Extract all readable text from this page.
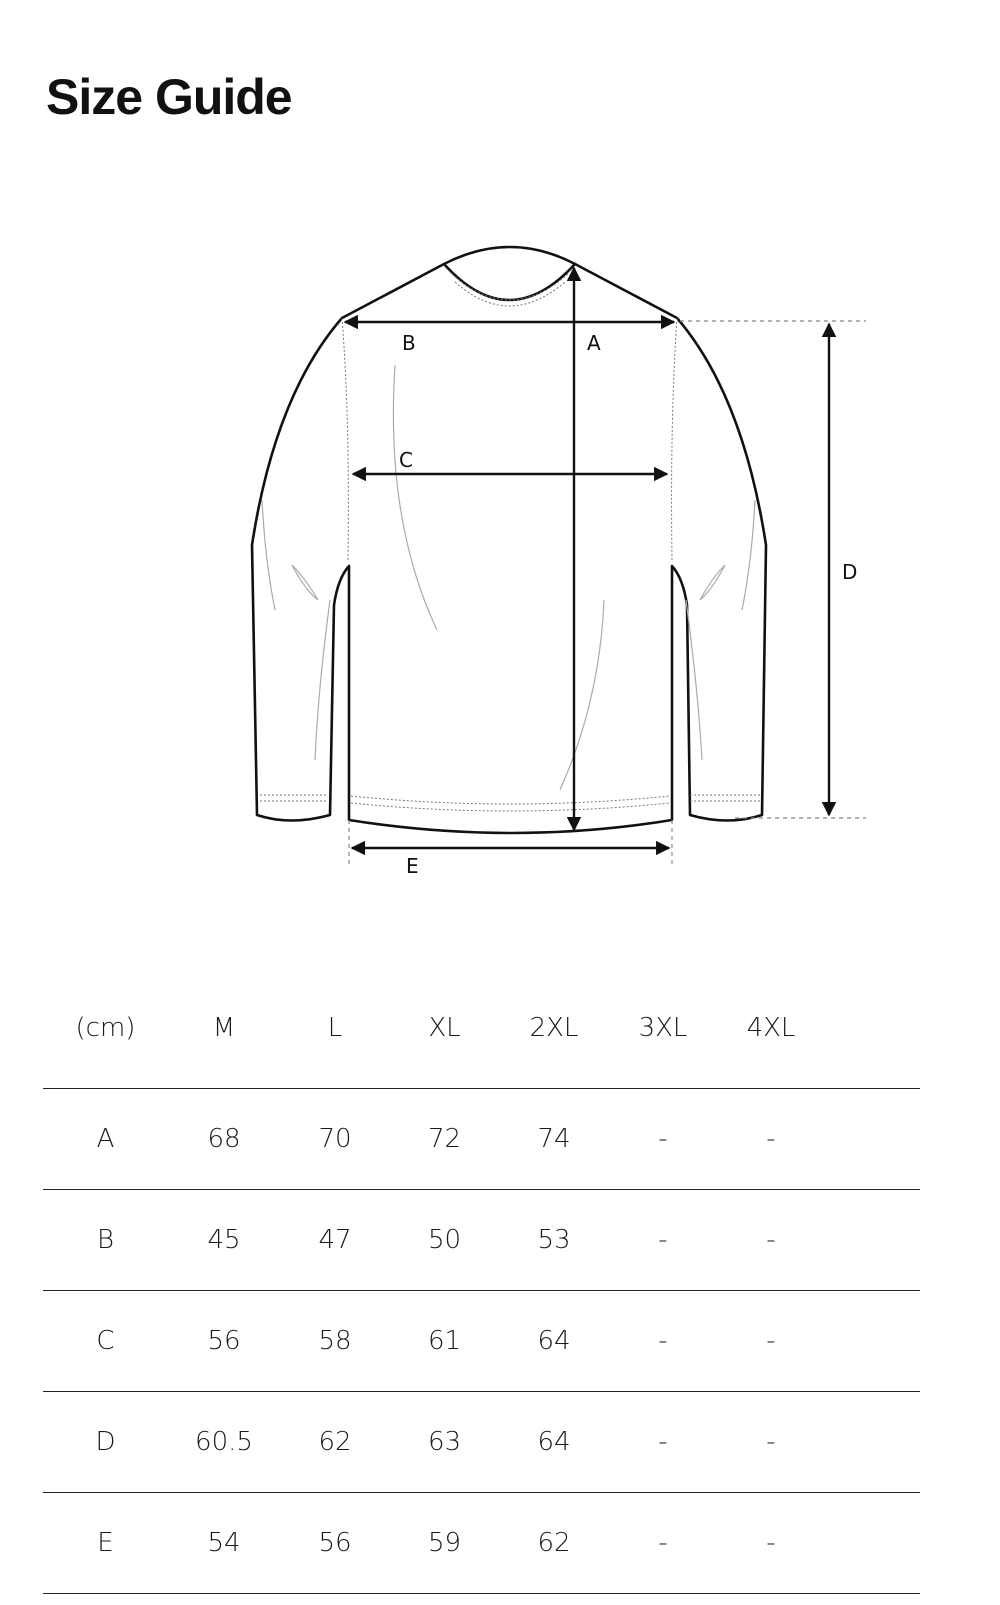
Size Guide
B	A
C
D
E
(cm)	M	L	XL	2XL	3XL	4XL	
A	68	70	72	74	-	-	
B	45	47	50	53	-	-	
C	56	58	61	64	-	-	
D	60.5	62	63	64	-	-	
E	54	56	59	62	-	-	
